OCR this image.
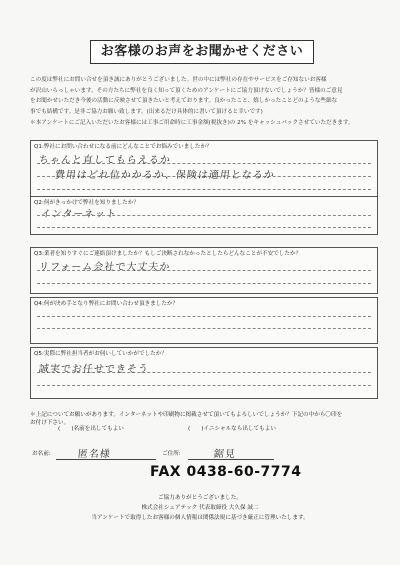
お客様のお声をお聞かせください

この度は弊社にお問い合せを頂き誠にありがとうございました。世の中には弊社の存在やサービスをご存知ないお客様

が沢山いらっしゃいます。その方たちに弊社を良く知って頂くためのアンケートにご協力頂けないでしょうか？皆様のご意見

をお聞かせいただき今後の活動に反映させて頂きたいと考えております。良かったこと、嬉しかったことどのような些細な

事でも結構です。是非ご協力お願い致します。(出来るだけ具体的に書いて頂けると幸いです)

＊本アンケートにご記入いただいたお客様には工事ご用命時に工事金額(税抜き)の 2% をキャッシュバックさせていただきます。

Q1:弊社にお問い合わせになる前にどんなことでお悩みでいましたか？
ちゃんと直してもらえるか
費用はどれ位かかるか、保険は適用となるか
Q2:何がきっかけで弊社を知りましたか？
インターネット
Q3:業者を知りすぐにご連絡頂けましたか？もしご決断されなかったとしたらどんなことが不安でしたか？
リフォーム会社で大丈夫か
Q4:何が決め手となり弊社にお問い合わせ頂きましたか？
Q5:実際に弊社担当者がお伺いしていかがでしたか？
誠実でお任せできそう
＊上記についてお願いがあります。インターネットや印刷物に掲載させて頂いてもよろしいでしょうか？下記の中から〇印を
お付け下さい。
(　　)名前を出してもよい	(　　)イニシャルなら出してもよい
お名前:	匿名様	ご住所:	鋸見
FAX 0438-60-7774
ご協力ありがとうございました。
株式会社シェアテック 代表取締役 大久保 誠二
当アンケートで取得したお客様の個人情報は関係法規に基づき厳正に管理いたします。
